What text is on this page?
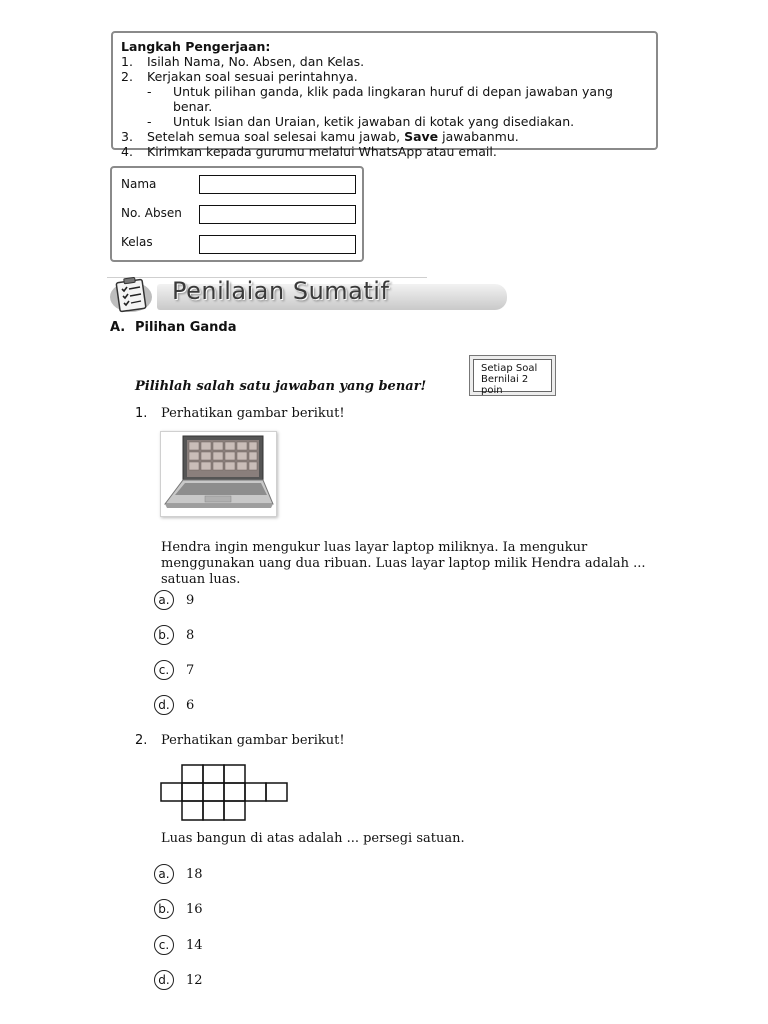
Langkah Pengerjaan:
1.	Isilah Nama, No. Absen, dan Kelas.
2.	Kerjakan soal sesuai perintahnya.
-	Untuk pilihan ganda, klik pada lingkaran huruf di depan jawaban yang benar.
-	Untuk Isian dan Uraian, ketik jawaban di kotak yang disediakan.
3.	Setelah semua soal selesai kamu jawab, Save jawabanmu.
4.	Kirimkan kepada gurumu melalui WhatsApp atau email.
Nama
No. Absen
Kelas
Penilaian Sumatif
A. Pilihan Ganda
Setiap Soal Bernilai 2 poin
Pilihlah salah satu jawaban yang benar!
1. Perhatikan gambar berikut!
Hendra ingin mengukur luas layar laptop miliknya. Ia mengukur menggunakan uang dua ribuan. Luas layar laptop milik Hendra adalah ... satuan luas.
a.	9
b.	8
c.	7
d.	6
2. Perhatikan gambar berikut!
Luas bangun di atas adalah ... persegi satuan.
a.	18
b.	16
c.	14
d.	12
